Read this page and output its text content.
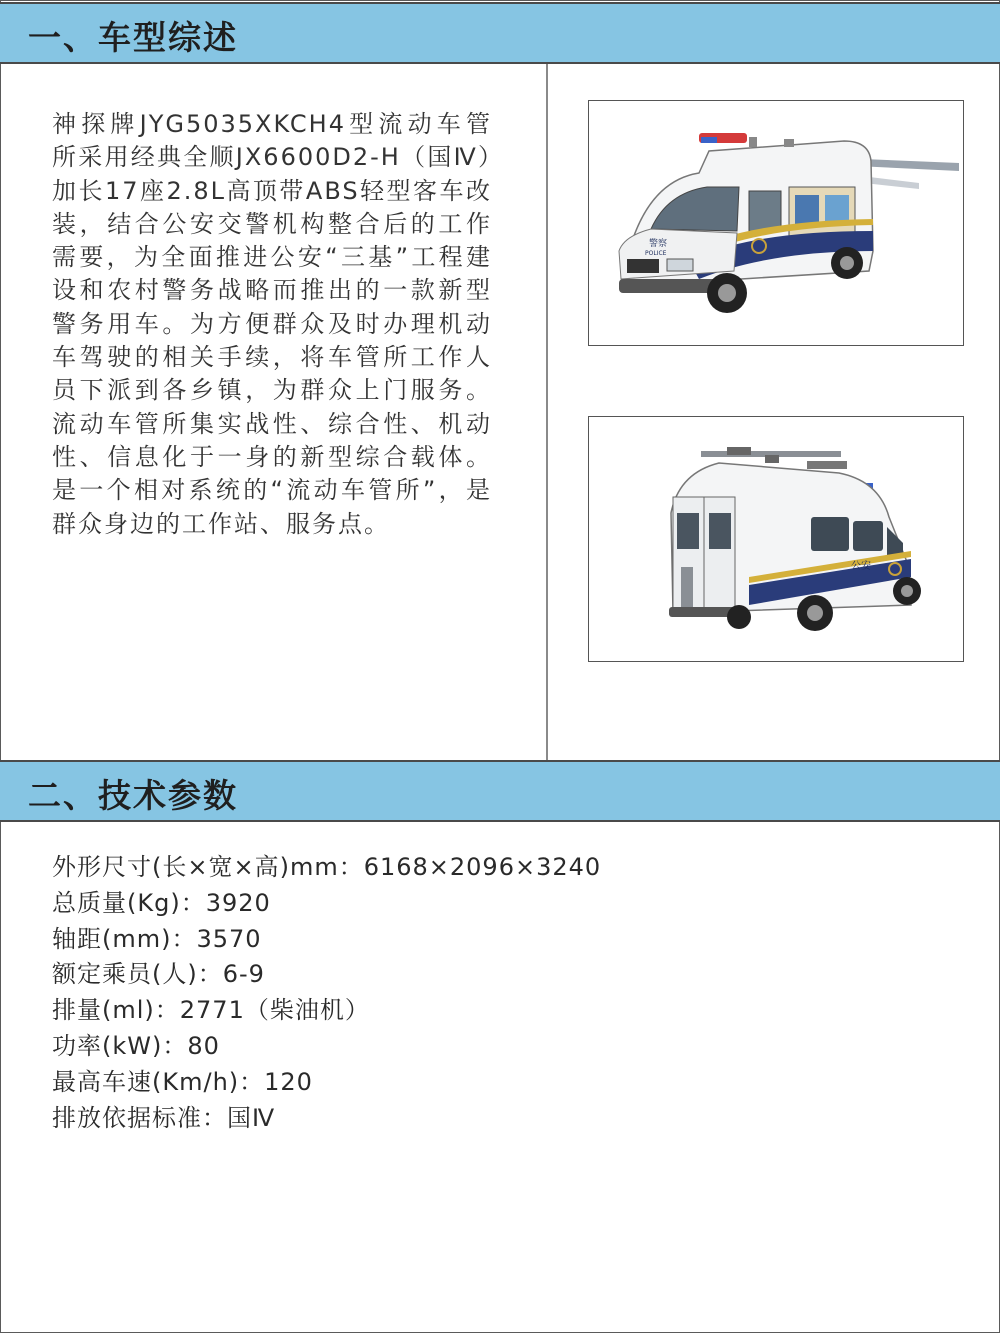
一、车型综述
神探牌JYG5035XKCH4型流动车管所采用经典全顺JX6600D2-H（国Ⅳ）加长17座2.8L高顶带ABS轻型客车改装，结合公安交警机构整合后的工作需要，为全面推进公安“三基”工程建设和农村警务战略而推出的一款新型警务用车。为方便群众及时办理机动车驾驶的相关手续，将车管所工作人员下派到各乡镇，为群众上门服务。流动车管所集实战性、综合性、机动性、信息化于一身的新型综合载体。是一个相对系统的“流动车管所”，是群众身边的工作站、服务点。
警察
POLICE
公安
二、技术参数
外形尺寸(长×宽×高)mm：6168×2096×3240
总质量(Kg)：3920
轴距(mm)：3570
额定乘员(人)：6-9
排量(ml)：2771（柴油机）
功率(kW)：80
最高车速(Km/h)：120
排放依据标准：国Ⅳ
